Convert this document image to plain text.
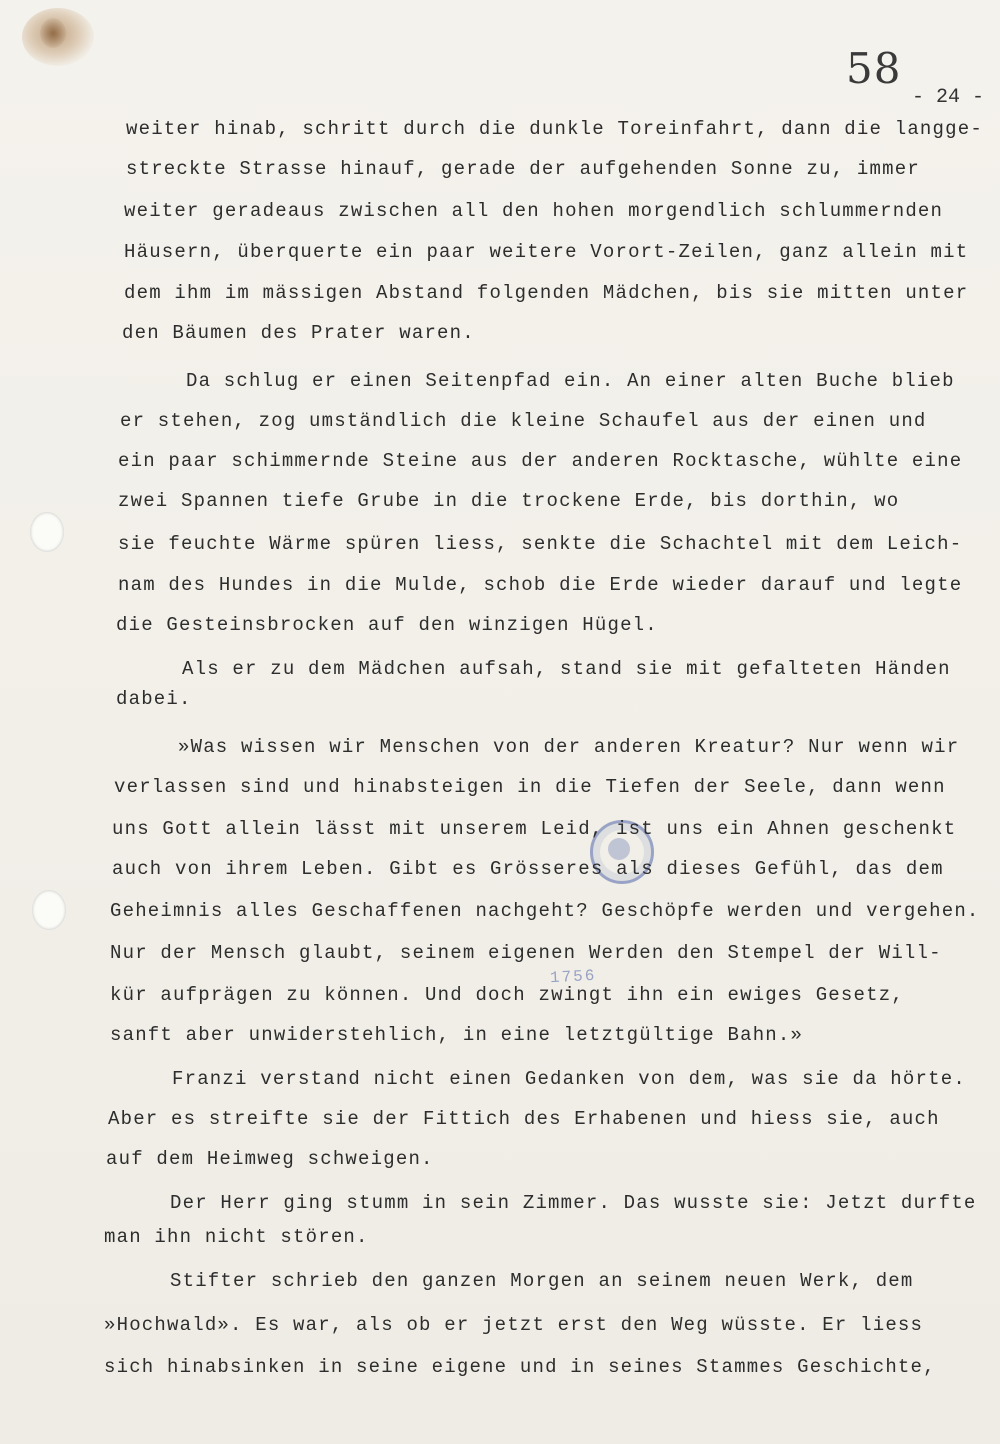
58
- 24 -
1756
weiter hinab, schritt durch die dunkle Toreinfahrt, dann die langge-
streckte Strasse hinauf, gerade der aufgehenden Sonne zu, immer
weiter geradeaus zwischen all den hohen morgendlich schlummernden
Häusern, überquerte ein paar weitere Vorort-Zeilen, ganz allein mit
dem ihm im mässigen Abstand folgenden Mädchen, bis sie mitten unter
den Bäumen des Prater waren.
Da schlug er einen Seitenpfad ein. An einer alten Buche blieb
er stehen, zog umständlich die kleine Schaufel aus der einen und
ein paar schimmernde Steine aus der anderen Rocktasche, wühlte eine
zwei Spannen tiefe Grube in die trockene Erde, bis dorthin, wo
sie feuchte Wärme spüren liess, senkte die Schachtel mit dem Leich-
nam des Hundes in die Mulde, schob die Erde wieder darauf und legte
die Gesteinsbrocken auf den winzigen Hügel.
Als er zu dem Mädchen aufsah, stand sie mit gefalteten Händen
dabei.
»Was wissen wir Menschen von der anderen Kreatur? Nur wenn wir
verlassen sind und hinabsteigen in die Tiefen der Seele, dann wenn
uns Gott allein lässt mit unserem Leid, ist uns ein Ahnen geschenkt
auch von ihrem Leben. Gibt es Grösseres als dieses Gefühl, das dem
Geheimnis alles Geschaffenen nachgeht? Geschöpfe werden und vergehen.
Nur der Mensch glaubt, seinem eigenen Werden den Stempel der Will-
kür aufprägen zu können. Und doch zwingt ihn ein ewiges Gesetz,
sanft aber unwiderstehlich, in eine letztgültige Bahn.»
Franzi verstand nicht einen Gedanken von dem, was sie da hörte.
Aber es streifte sie der Fittich des Erhabenen und hiess sie, auch
auf dem Heimweg schweigen.
Der Herr ging stumm in sein Zimmer. Das wusste sie: Jetzt durfte
man ihn nicht stören.
Stifter schrieb den ganzen Morgen an seinem neuen Werk, dem
»Hochwald». Es war, als ob er jetzt erst den Weg wüsste. Er liess
sich hinabsinken in seine eigene und in seines Stammes Geschichte,
